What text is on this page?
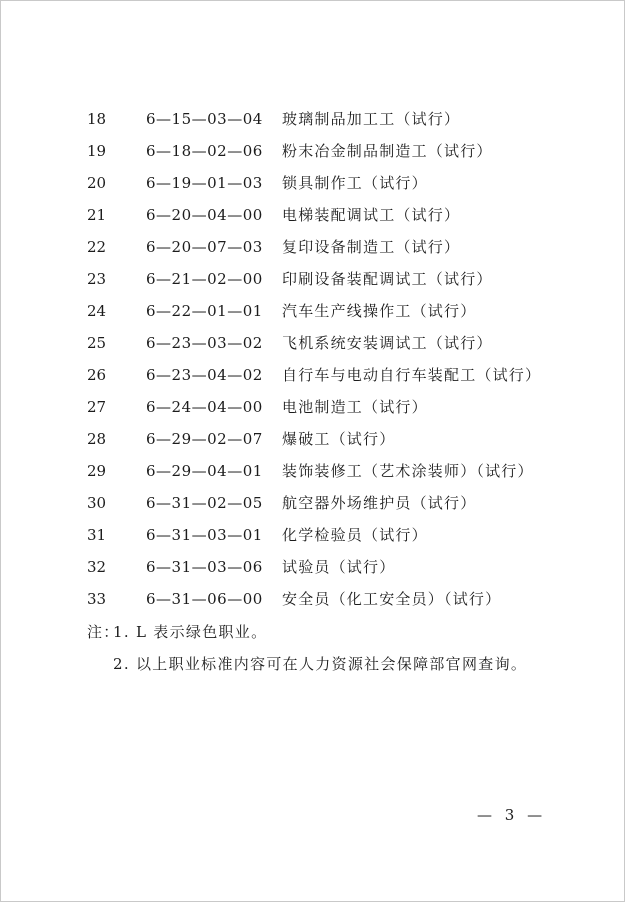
18	6—15—03—04 玻璃制品加工工（试行）
19	6—18—02—06 粉末冶金制品制造工（试行）
20	6—19—01—03 锁具制作工（试行）
21	6—20—04—00 电梯装配调试工（试行）
22	6—20—07—03 复印设备制造工（试行）
23	6—21—02—00 印刷设备装配调试工（试行）
24	6—22—01—01 汽车生产线操作工（试行）
25	6—23—03—02 飞机系统安装调试工（试行）
26	6—23—04—02 自行车与电动自行车装配工（试行）
27	6—24—04—00 电池制造工（试行）
28	6—29—02—07 爆破工（试行）
29	6—29—04—01 装饰装修工（艺术涂装师）（试行）
30	6—31—02—05 航空器外场维护员（试行）
31	6—31—03—01 化学检验员（试行）
32	6—31—03—06 试验员（试行）
33	6—31—06—00 安全员（化工安全员）（试行）
注：
1. L 表示绿色职业。
2. 以上职业标准内容可在人力资源社会保障部官网查询。
— 3 —
